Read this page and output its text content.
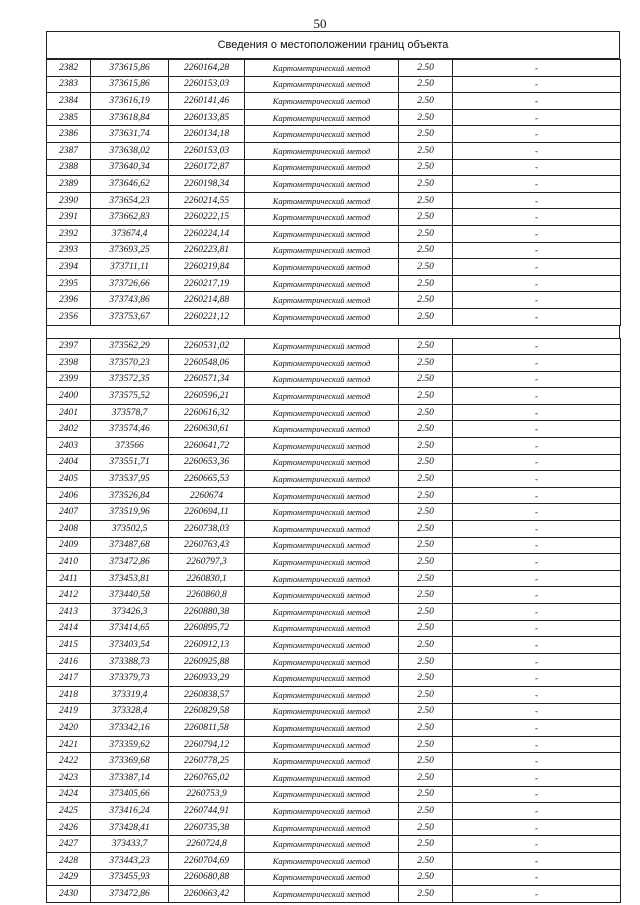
50
Сведения о местоположении границ объекта
2382	373615,86	2260164,28	Картометрический метод	2.50	-
2383	373615,86	2260153,03	Картометрический метод	2.50	-
2384	373616,19	2260141,46	Картометрический метод	2.50	-
2385	373618,84	2260133,85	Картометрический метод	2.50	-
2386	373631,74	2260134,18	Картометрический метод	2.50	-
2387	373638,02	2260153,03	Картометрический метод	2.50	-
2388	373640,34	2260172,87	Картометрический метод	2.50	-
2389	373646,62	2260198,34	Картометрический метод	2.50	-
2390	373654,23	2260214,55	Картометрический метод	2.50	-
2391	373662,83	2260222,15	Картометрический метод	2.50	-
2392	373674,4	2260224,14	Картометрический метод	2.50	-
2393	373693,25	2260223,81	Картометрический метод	2.50	-
2394	373711,11	2260219,84	Картометрический метод	2.50	-
2395	373726,66	2260217,19	Картометрический метод	2.50	-
2396	373743,86	2260214,88	Картометрический метод	2.50	-
2356	373753,67	2260221,12	Картометрический метод	2.50	-
2397	373562,29	2260531,02	Картометрический метод	2.50	-
2398	373570,23	2260548,06	Картометрический метод	2.50	-
2399	373572,35	2260571,34	Картометрический метод	2.50	-
2400	373575,52	2260596,21	Картометрический метод	2.50	-
2401	373578,7	2260616,32	Картометрический метод	2.50	-
2402	373574,46	2260630,61	Картометрический метод	2.50	-
2403	373566	2260641,72	Картометрический метод	2.50	-
2404	373551,71	2260653,36	Картометрический метод	2.50	-
2405	373537,95	2260665,53	Картометрический метод	2.50	-
2406	373526,84	2260674	Картометрический метод	2.50	-
2407	373519,96	2260694,11	Картометрический метод	2.50	-
2408	373502,5	2260738,03	Картометрический метод	2.50	-
2409	373487,68	2260763,43	Картометрический метод	2.50	-
2410	373472,86	2260797,3	Картометрический метод	2.50	-
2411	373453,81	2260830,1	Картометрический метод	2.50	-
2412	373440,58	2260860,8	Картометрический метод	2.50	-
2413	373426,3	2260880,38	Картометрический метод	2.50	-
2414	373414,65	2260895,72	Картометрический метод	2.50	-
2415	373403,54	2260912,13	Картометрический метод	2.50	-
2416	373388,73	2260925,88	Картометрический метод	2.50	-
2417	373379,73	2260933,29	Картометрический метод	2.50	-
2418	373319,4	2260838,57	Картометрический метод	2.50	-
2419	373328,4	2260829,58	Картометрический метод	2.50	-
2420	373342,16	2260811,58	Картометрический метод	2.50	-
2421	373359,62	2260794,12	Картометрический метод	2.50	-
2422	373369,68	2260778,25	Картометрический метод	2.50	-
2423	373387,14	2260765,02	Картометрический метод	2.50	-
2424	373405,66	2260753,9	Картометрический метод	2.50	-
2425	373416,24	2260744,91	Картометрический метод	2.50	-
2426	373428,41	2260735,38	Картометрический метод	2.50	-
2427	373433,7	2260724,8	Картометрический метод	2.50	-
2428	373443,23	2260704,69	Картометрический метод	2.50	-
2429	373455,93	2260680,88	Картометрический метод	2.50	-
2430	373472,86	2260663,42	Картометрический метод	2.50	-
